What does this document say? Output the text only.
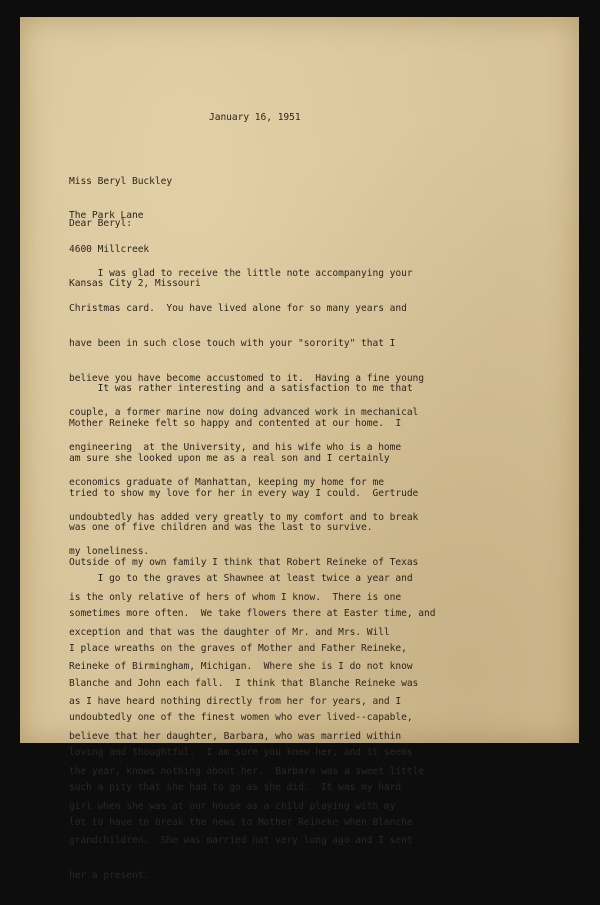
January 16, 1951

Miss Beryl Buckley

The Park Lane

4600 Millcreek

Kansas City 2, Missouri

Dear Beryl:

I was glad to receive the little note accompanying your

Christmas card.  You have lived alone for so many years and

have been in such close touch with your "sorority" that I

believe you have become accustomed to it.  Having a fine young

couple, a former marine now doing advanced work in mechanical

engineering  at the University, and his wife who is a home

economics graduate of Manhattan, keeping my home for me

undoubtedly has added very greatly to my comfort and to break

my loneliness.

It was rather interesting and a satisfaction to me that

Mother Reineke felt so happy and contented at our home.  I

am sure she looked upon me as a real son and I certainly

tried to show my love for her in every way I could.  Gertrude

was one of five children and was the last to survive.

Outside of my own family I think that Robert Reineke of Texas

is the only relative of hers of whom I know.  There is one

exception and that was the daughter of Mr. and Mrs. Will

Reineke of Birmingham, Michigan.  Where she is I do not know

as I have heard nothing directly from her for years, and I

believe that her daughter, Barbara, who was married within

the year, knows nothing about her.  Barbara was a sweet little

girl when she was at our house as a child playing with my

grandchildren.  She was married not very long ago and I sent

her a present.

I go to the graves at Shawnee at least twice a year and

sometimes more often.  We take flowers there at Easter time, and

I place wreaths on the graves of Mother and Father Reineke,

Blanche and John each fall.  I think that Blanche Reineke was

undoubtedly one of the finest women who ever lived--capable,

loving and thoughtful.  I am sure you knew her, and it seems

such a pity that she had to go as she did.  It was my hard

lot to have to break the news to Mother Reineke when Blanche
